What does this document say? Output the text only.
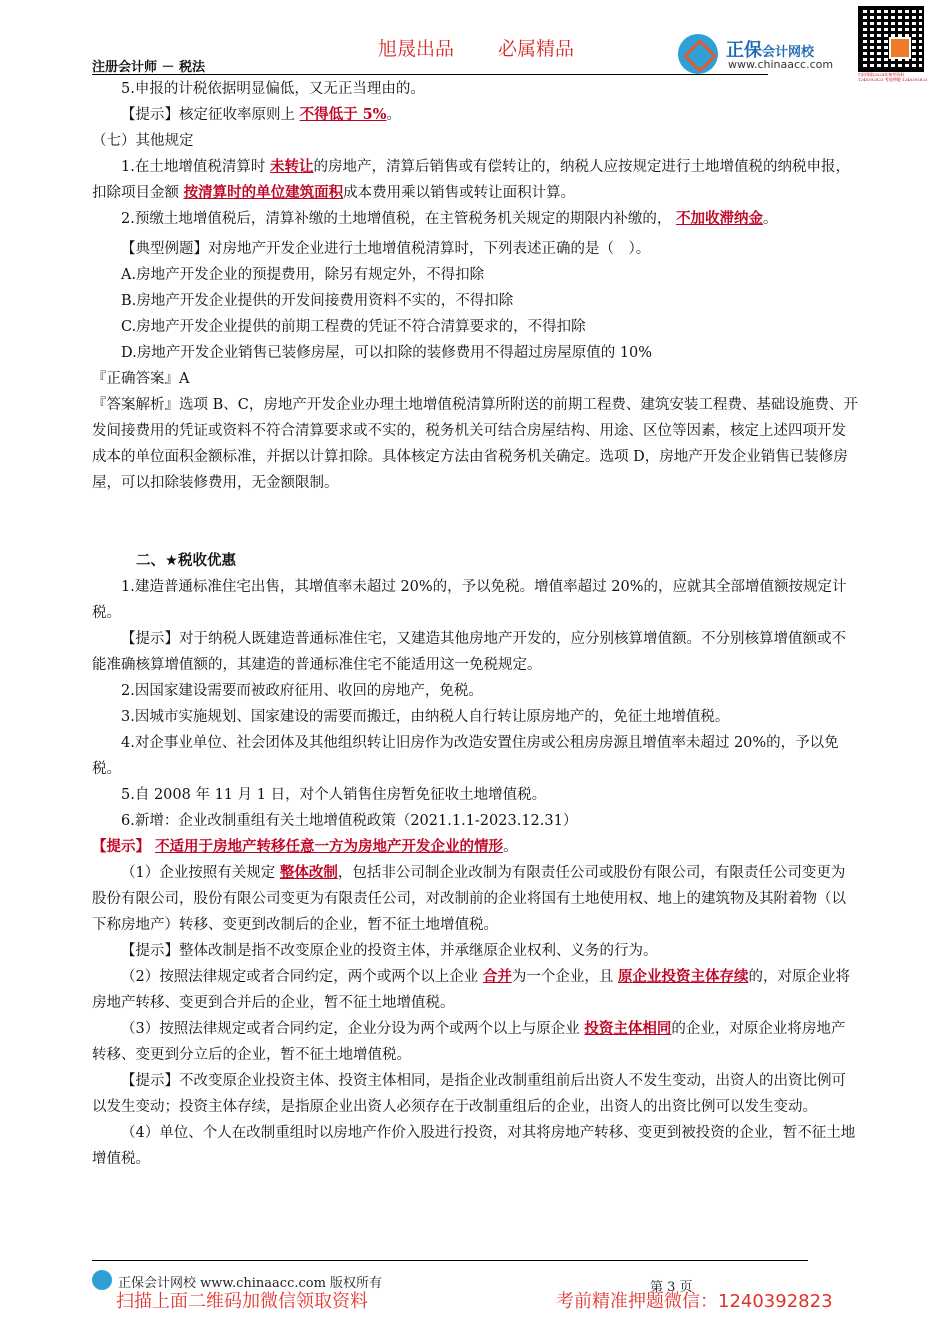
旭晟出品 必属精品
注册会计师 － 税法
正保会计网校
www.chinaacc.com
扫码领取2024年备考资料 1240392823 考前押题 1240392823

5.申报的计税依据明显偏低，又无正当理由的。

【提示】核定征收率原则上 不得低于 5%。

（七）其他规定

1.在土地增值税清算时 未转让的房地产，清算后销售或有偿转让的，纳税人应按规定进行土地增值税的纳税申报，扣除项目金额 按清算时的单位建筑面积成本费用乘以销售或转让面积计算。

2.预缴土地增值税后，清算补缴的土地增值税，在主管税务机关规定的期限内补缴的， 不加收滞纳金。

【典型例题】对房地产开发企业进行土地增值税清算时，下列表述正确的是（　）。

A.房地产开发企业的预提费用，除另有规定外，不得扣除

B.房地产开发企业提供的开发间接费用资料不实的，不得扣除

C.房地产开发企业提供的前期工程费的凭证不符合清算要求的，不得扣除

D.房地产开发企业销售已装修房屋，可以扣除的装修费用不得超过房屋原值的 10%

『正确答案』A

『答案解析』选项 B、C，房地产开发企业办理土地增值税清算所附送的前期工程费、建筑安装工程费、基础设施费、开发间接费用的凭证或资料不符合清算要求或不实的，税务机关可结合房屋结构、用途、区位等因素，核定上述四项开发成本的单位面积金额标准，并据以计算扣除。具体核定方法由省税务机关确定。选项 D，房地产开发企业销售已装修房屋，可以扣除装修费用，无金额限制。

二、★税收优惠

1.建造普通标准住宅出售，其增值率未超过 20%的，予以免税。增值率超过 20%的，应就其全部增值额按规定计税。

【提示】对于纳税人既建造普通标准住宅，又建造其他房地产开发的，应分别核算增值额。不分别核算增值额或不能准确核算增值额的，其建造的普通标准住宅不能适用这一免税规定。

2.因国家建设需要而被政府征用、收回的房地产，免税。

3.因城市实施规划、国家建设的需要而搬迁，由纳税人自行转让原房地产的，免征土地增值税。

4.对企事业单位、社会团体及其他组织转让旧房作为改造安置住房或公租房房源且增值率未超过 20%的，予以免税。

5.自 2008 年 11 月 1 日，对个人销售住房暂免征收土地增值税。

6.新增：企业改制重组有关土地增值税政策（2021.1.1-2023.12.31）

【提示】 不适用于房地产转移任意一方为房地产开发企业的情形。

（1）企业按照有关规定 整体改制，包括非公司制企业改制为有限责任公司或股份有限公司，有限责任公司变更为股份有限公司，股份有限公司变更为有限责任公司，对改制前的企业将国有土地使用权、地上的建筑物及其附着物（以下称房地产）转移、变更到改制后的企业，暂不征土地增值税。

【提示】整体改制是指不改变原企业的投资主体，并承继原企业权利、义务的行为。

（2）按照法律规定或者合同约定，两个或两个以上企业 合并为一个企业，且 原企业投资主体存续的，对原企业将房地产转移、变更到合并后的企业，暂不征土地增值税。

（3）按照法律规定或者合同约定，企业分设为两个或两个以上与原企业 投资主体相同的企业，对原企业将房地产转移、变更到分立后的企业，暂不征土地增值税。

【提示】不改变原企业投资主体、投资主体相同，是指企业改制重组前后出资人不发生变动，出资人的出资比例可以发生变动；投资主体存续，是指原企业出资人必须存在于改制重组后的企业，出资人的出资比例可以发生变动。

（4）单位、个人在改制重组时以房地产作价入股进行投资，对其将房地产转移、变更到被投资的企业，暂不征土地增值税。

正保会计网校 www.chinaacc.com 版权所有	第 3 页
扫描上面二维码加微信领取资料	考前精准押题微信：1240392823
